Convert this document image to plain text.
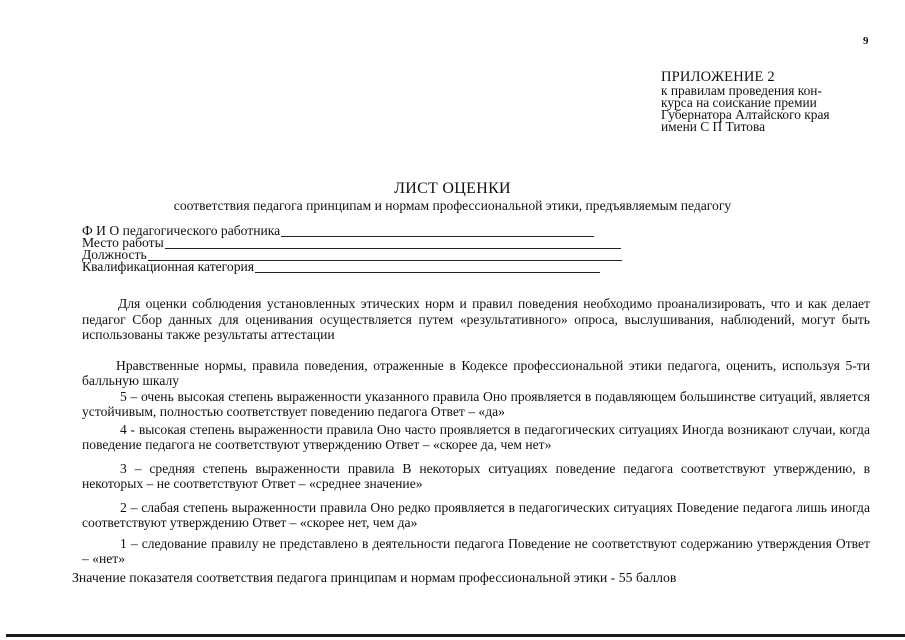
9
ПРИЛОЖЕНИЕ 2
к правилам проведения кон-
курса на соискание премии
Губернатора Алтайского края
имени С П Титова
ЛИСТ ОЦЕНКИ
соответствия педагога принципам и нормам профессиональной этики, предъявляемым педагогу
Ф И О педагогического работника
Место работы
Должность
Квалификационная категория
Для оценки соблюдения установленных этических норм и правил поведения необходимо проанализировать, что и как делает педагог Сбор данных для оценивания осуществляется путем «результативного» опроса, выслушивания, наблюдений, могут быть использованы также результаты аттестации
Нравственные нормы, правила поведения, отраженные в Кодексе профессиональной этики педагога, оценить, используя 5-ти балльную шкалу
5 – очень высокая степень выраженности указанного правила Оно проявляется в подавляющем большинстве ситуаций, является устойчивым, полностью соответствует поведению педагога Ответ – «да»
4 - высокая степень выраженности правила Оно часто проявляется в педагогических ситуациях Иногда возникают случаи, когда поведение педагога не соответствуют утверждению Ответ – «скорее да, чем нет»
3 – средняя степень выраженности правила В некоторых ситуациях поведение педагога соответствуют утверждению, в некоторых – не соответствуют Ответ – «среднее значение»
2 – слабая степень выраженности правила Оно редко проявляется в педагогических ситуациях Поведение педагога лишь иногда соответствуют утверждению Ответ – «скорее нет, чем да»
1 – следование правилу не представлено в деятельности педагога Поведение не соответствуют содержанию утверждения Ответ – «нет»
Значение показателя соответствия педагога принципам и нормам профессиональной этики - 55 баллов
